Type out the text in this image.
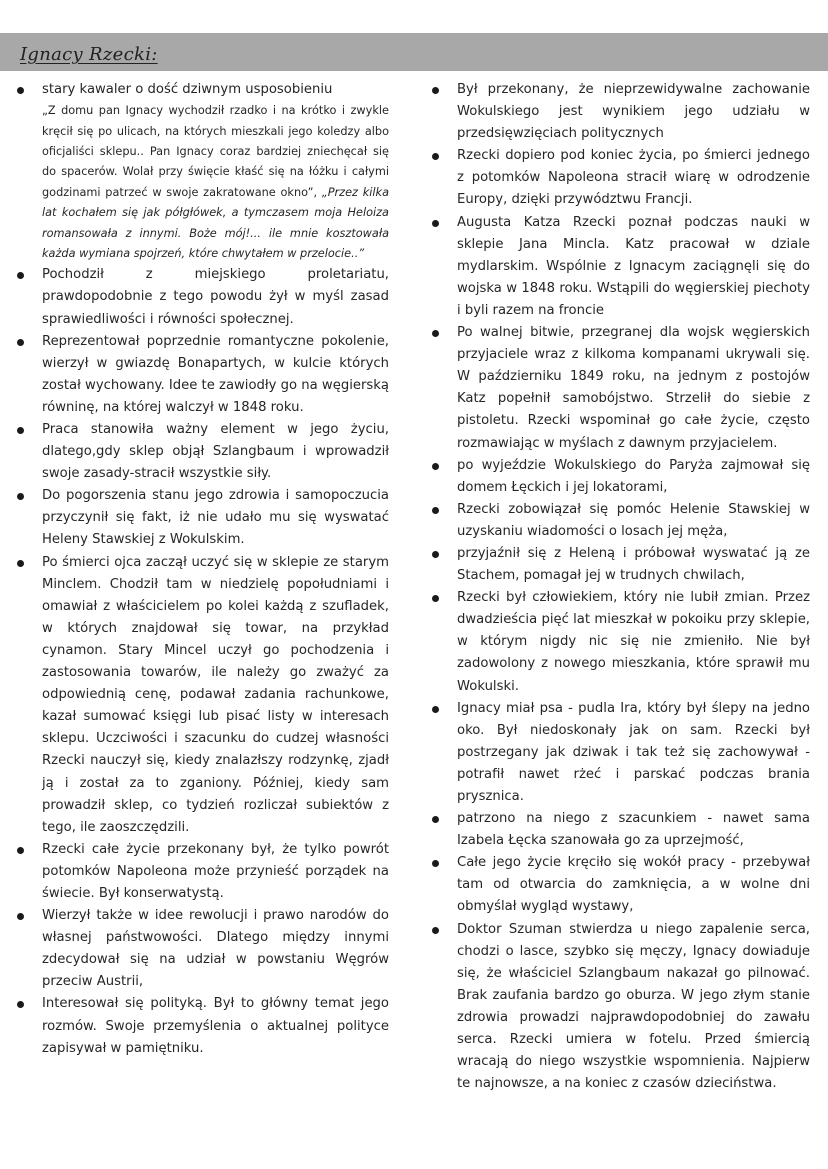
Ignacy Rzecki:
stary kawaler o dość dziwnym usposobieniu
„Z domu pan Ignacy wychodził rzadko i na krótko i zwykle kręcił się po ulicach, na których mieszkali jego koledzy albo oficjaliści sklepu.. Pan Ignacy coraz bardziej zniechęcał się do spacerów. Wolał przy święcie kłaść się na łóżku i całymi godzinami patrzeć w swoje zakratowane okno”, „Przez kilka lat kochałem się jak półgłówek, a tymczasem moja Heloiza romansowała z innymi. Boże mój!... ile mnie kosztowała każda wymiana spojrzeń, które chwytałem w przelocie..”
Pochodził z miejskiego proletariatu, prawdopodobnie z tego powodu żył w myśl zasad sprawiedliwości i równości społecznej.
Reprezentował poprzednie romantyczne pokolenie, wierzył w gwiazdę Bonapartych, w kulcie których został wychowany. Idee te zawiodły go na węgierską równinę, na której walczył w 1848 roku.
Praca stanowiła ważny element w jego życiu, dlatego,gdy sklep objął Szlangbaum i wprowadził swoje zasady-stracił wszystkie siły.
Do pogorszenia stanu jego zdrowia i samopoczucia przyczynił się fakt, iż nie udało mu się wyswatać Heleny Stawskiej z Wokulskim.
Po śmierci ojca zaczął uczyć się w sklepie ze starym Minclem. Chodził tam w niedzielę popołudniami i omawiał z właścicielem po kolei każdą z szufladek, w których znajdował się towar, na przykład cynamon. Stary Mincel uczył go pochodzenia i zastosowania towarów, ile należy go zważyć za odpowiednią cenę, podawał zadania rachunkowe, kazał sumować księgi lub pisać listy w interesach sklepu. Uczciwości i szacunku do cudzej własności Rzecki nauczył się, kiedy znalazłszy rodzynkę, zjadł ją i został za to zganiony. Później, kiedy sam prowadził sklep, co tydzień rozliczał subiektów z tego, ile zaoszczędzili.
Rzecki całe życie przekonany był, że tylko powrót potomków Napoleona może przynieść porządek na świecie. Był konserwatystą.
Wierzył także w idee rewolucji i prawo narodów do własnej państwowości. Dlatego między innymi zdecydował się na udział w powstaniu Węgrów przeciw Austrii,
Interesował się polityką. Był to główny temat jego rozmów. Swoje przemyślenia o aktualnej polityce zapisywał w pamiętniku.
Był przekonany, że nieprzewidywalne zachowanie Wokulskiego jest wynikiem jego udziału w przedsięwzięciach politycznych
Rzecki dopiero pod koniec życia, po śmierci jednego z potomków Napoleona stracił wiarę w odrodzenie Europy, dzięki przywództwu Francji.
Augusta Katza Rzecki poznał podczas nauki w sklepie Jana Mincla. Katz pracował w dziale mydlarskim. Wspólnie z Ignacym zaciągnęli się do wojska w 1848 roku. Wstąpili do węgierskiej piechoty i byli razem na froncie
Po walnej bitwie, przegranej dla wojsk węgierskich przyjaciele wraz z kilkoma kompanami ukrywali się. W październiku 1849 roku, na jednym z postojów Katz popełnił samobójstwo. Strzelił do siebie z pistoletu. Rzecki wspominał go całe życie, często rozmawiając w myślach z dawnym przyjacielem.
po wyjeździe Wokulskiego do Paryża zajmował się domem Łęckich i jej lokatorami,
Rzecki zobowiązał się pomóc Helenie Stawskiej w uzyskaniu wiadomości o losach jej męża,
przyjaźnił się z Heleną i próbował wyswatać ją ze Stachem, pomagał jej w trudnych chwilach,
Rzecki był człowiekiem, który nie lubił zmian. Przez dwadzieścia pięć lat mieszkał w pokoiku przy sklepie, w którym nigdy nic się nie zmieniło. Nie był zadowolony z nowego mieszkania, które sprawił mu Wokulski.
Ignacy miał psa - pudla Ira, który był ślepy na jedno oko. Był niedoskonały jak on sam. Rzecki był postrzegany jak dziwak i tak też się zachowywał - potrafił nawet rżeć i parskać podczas brania prysznica.
patrzono na niego z szacunkiem - nawet sama Izabela Łęcka szanowała go za uprzejmość,
Całe jego życie kręciło się wokół pracy - przebywał tam od otwarcia do zamknięcia, a w wolne dni obmyślał wygląd wystawy,
Doktor Szuman stwierdza u niego zapalenie serca, chodzi o lasce, szybko się męczy, Ignacy dowiaduje się, że właściciel Szlangbaum nakazał go pilnować. Brak zaufania bardzo go oburza. W jego złym stanie zdrowia prowadzi najprawdopodobniej do zawału serca. Rzecki umiera w fotelu. Przed śmiercią wracają do niego wszystkie wspomnienia. Najpierw te najnowsze, a na koniec z czasów dzieciństwa.
